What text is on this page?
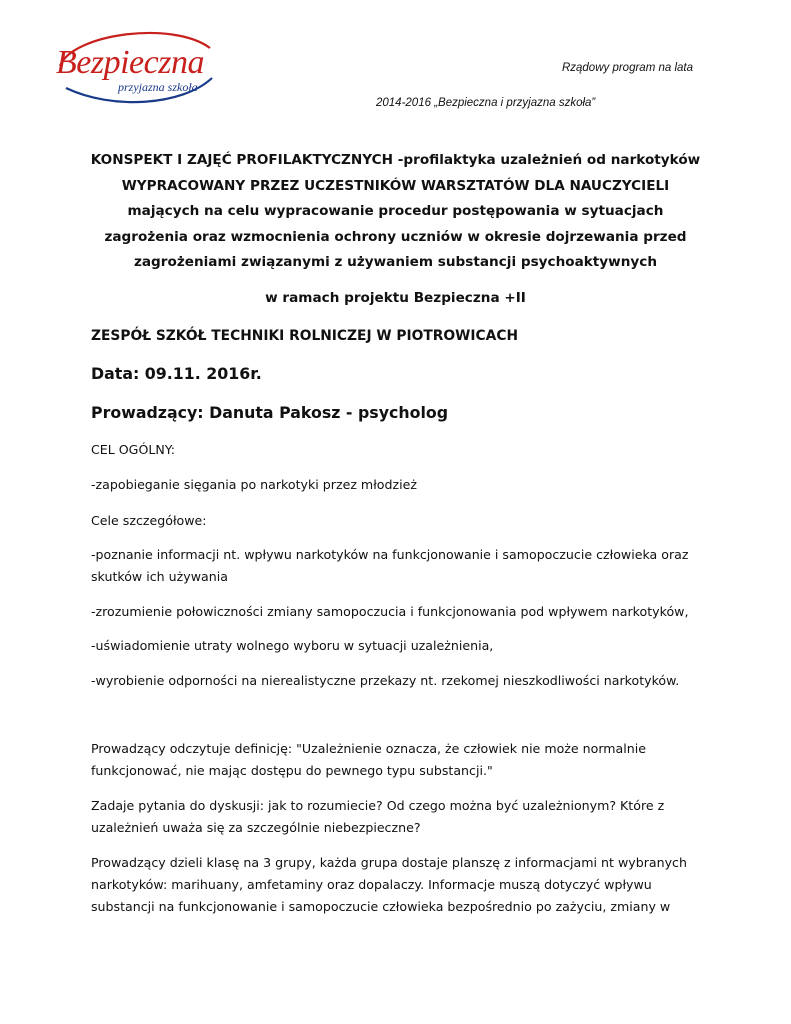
Bezpieczna
przyjazna szkoła
Rządowy program na lata
2014-2016 „Bezpieczna i przyjazna szkoła”
KONSPEKT I ZAJĘĆ PROFILAKTYCZNYCH -profilaktyka uzależnień od narkotyków
WYPRACOWANY PRZEZ UCZESTNIKÓW WARSZTATÓW DLA NAUCZYCIELI
mających na celu wypracowanie procedur postępowania w sytuacjach
zagrożenia oraz wzmocnienia ochrony uczniów w okresie dojrzewania przed
zagrożeniami związanymi z używaniem substancji psychoaktywnych
w ramach projektu Bezpieczna +II
ZESPÓŁ SZKÓŁ TECHNIKI ROLNICZEJ W PIOTROWICACH
Data: 09.11. 2016r.
Prowadzący: Danuta Pakosz - psycholog
CEL OGÓLNY:
-zapobieganie sięgania po narkotyki przez młodzież
Cele szczegółowe:
-poznanie informacji nt. wpływu narkotyków na funkcjonowanie i samopoczucie człowieka oraz
skutków ich używania
-zrozumienie połowiczności zmiany samopoczucia i funkcjonowania pod wpływem narkotyków,
-uświadomienie utraty wolnego wyboru w sytuacji uzależnienia,
-wyrobienie odporności na nierealistyczne przekazy nt. rzekomej nieszkodliwości narkotyków.
Prowadzący odczytuje definicję: "Uzależnienie oznacza, że człowiek nie może normalnie
funkcjonować, nie mając dostępu do pewnego typu substancji."
Zadaje pytania do dyskusji: jak to rozumiecie? Od czego można być uzależnionym? Które z
uzależnień uważa się za szczególnie niebezpieczne?
Prowadzący dzieli klasę na 3 grupy, każda grupa dostaje planszę z informacjami nt wybranych
narkotyków: marihuany, amfetaminy oraz dopalaczy. Informacje muszą dotyczyć wpływu
substancji na funkcjonowanie i samopoczucie człowieka bezpośrednio po zażyciu, zmiany w
